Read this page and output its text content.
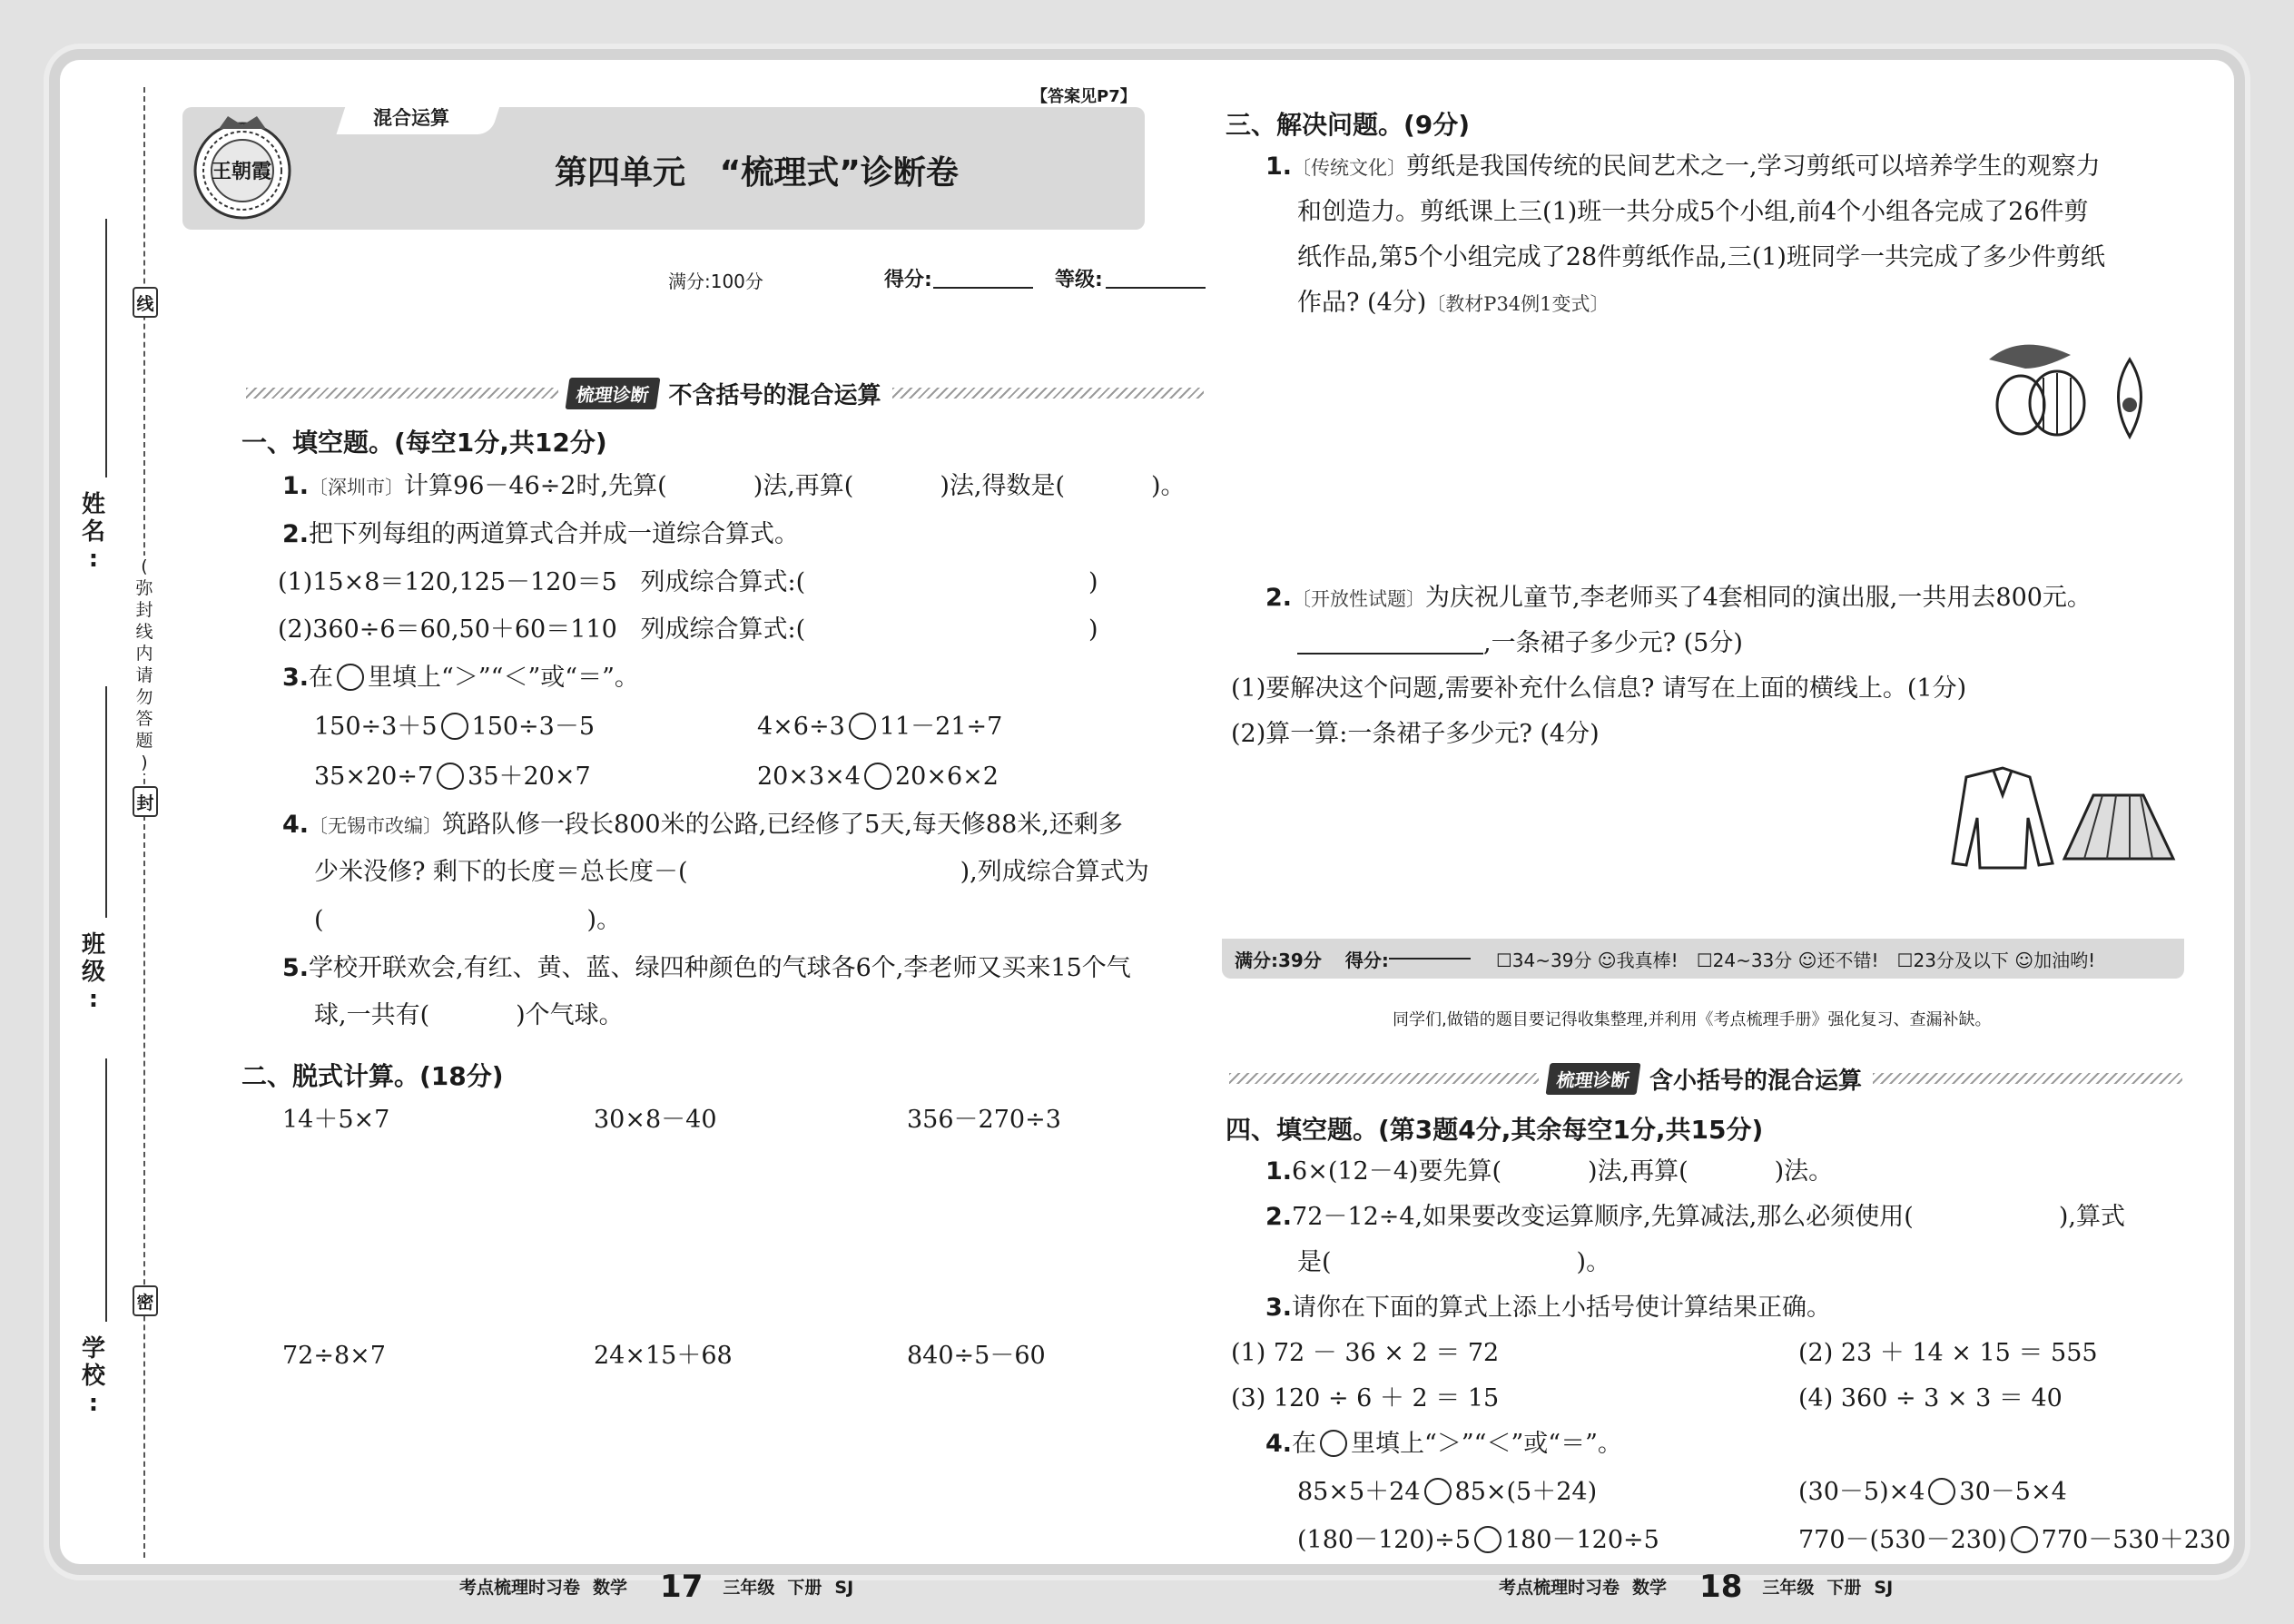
线
(
弥
封
线
内
请
勿
答
题
)
封
密
姓
名
:
班
级
:
学
校
:
【答案见P7】
混合运算
王朝霞	第四单元   “梳理式”诊断卷
满分:100分	得分:	等级:
梳理诊断 不含括号的混合运算
一、填空题。(每空1分,共12分)
1.〔深圳市〕计算96－46÷2时,先算(	)法,再算(	)法,得数是(	)。
2.把下列每组的两道算式合并成一道综合算式。
(1)15×8＝120,125－120＝5   列成综合算式:(	)
(2)360÷6＝60,50＋60＝110   列成综合算式:(	)
3.在 里填上“＞”“＜”或“＝”。
150÷3＋5 150÷3－5	4×6÷3 11－21÷7
35×20÷7 35＋20×7	20×3×4 20×6×2
4.〔无锡市改编〕筑路队修一段长800米的公路,已经修了5天,每天修88米,还剩多
少米没修? 剩下的长度＝总长度－(	),列成综合算式为
(	)。
5.学校开联欢会,有红、黄、蓝、绿四种颜色的气球各6个,李老师又买来15个气
球,一共有(	)个气球。
二、脱式计算。(18分)
14＋5×7	30×8－40	356－270÷3
72÷8×7	24×15＋68	840÷5－60
考点梳理时习卷 数学 17 三年级 下册 SJ
三、解决问题。(9分)
1.〔传统文化〕剪纸是我国传统的民间艺术之一,学习剪纸可以培养学生的观察力
和创造力。剪纸课上三(1)班一共分成5个小组,前4个小组各完成了26件剪
纸作品,第5个小组完成了28件剪纸作品,三(1)班同学一共完成了多少件剪纸
作品? (4分)〔教材P34例1变式〕
2.〔开放性试题〕为庆祝儿童节,李老师买了4套相同的演出服,一共用去800元。
,一条裙子多少元? (5分)
(1)要解决这个问题,需要补充什么信息? 请写在上面的横线上。(1分)
(2)算一算:一条裙子多少元? (4分)
满分:39分 得分:	☐34~39分 ☺我真棒! ☐24~33分 ☺还不错! ☐23分及以下 ☺加油哟!
同学们,做错的题目要记得收集整理,并利用《考点梳理手册》强化复习、查漏补缺。
梳理诊断 含小括号的混合运算
四、填空题。(第3题4分,其余每空1分,共15分)
1.6×(12－4)要先算(	)法,再算(	)法。
2.72－12÷4,如果要改变运算顺序,先算减法,那么必须使用(	),算式
是(	)。
3.请你在下面的算式上添上小括号使计算结果正确。
(1) 72 － 36 × 2 ＝ 72	(2) 23 ＋ 14 × 15 ＝ 555
(3) 120 ÷ 6 ＋ 2 ＝ 15	(4) 360 ÷ 3 × 3 ＝ 40
4.在 里填上“＞”“＜”或“＝”。
85×5＋24 85×(5＋24)	(30－5)×4 30－5×4
(180－120)÷5 180－120÷5	770－(530－230) 770－530＋230
考点梳理时习卷 数学 18 三年级 下册 SJ
